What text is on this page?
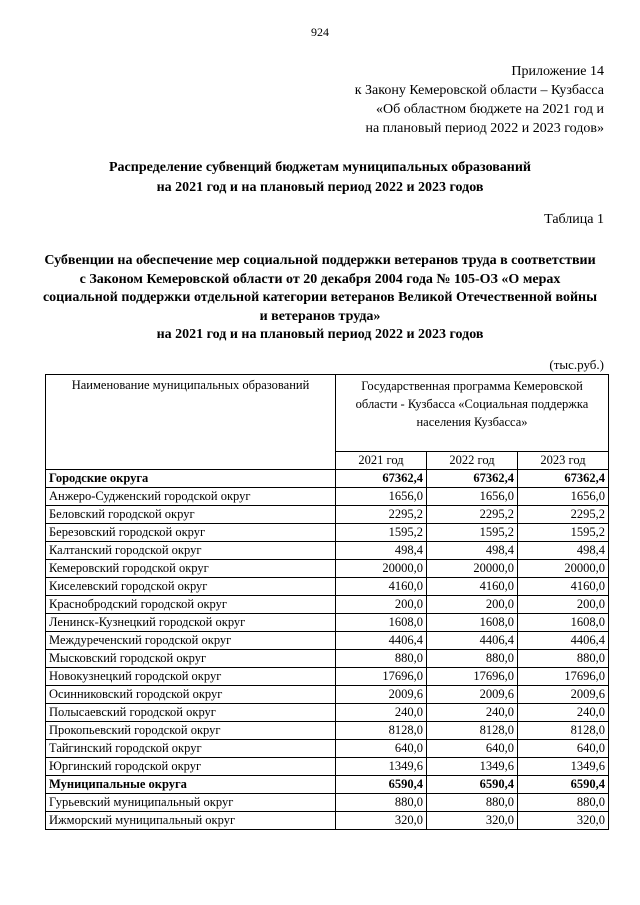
924
Приложение 14
к Закону Кемеровской области – Кузбасса
«Об областном бюджете на 2021 год и
на плановый период 2022 и 2023 годов»
Распределение субвенций бюджетам муниципальных образований
на 2021 год и на плановый период 2022 и 2023 годов
Таблица 1
Субвенции на обеспечение мер социальной поддержки ветеранов труда в соответствии
с Законом Кемеровской области от 20 декабря 2004 года № 105-ОЗ «О мерах
социальной поддержки отдельной категории ветеранов Великой Отечественной войны
и ветеранов труда»
на 2021 год и на плановый период 2022 и 2023 годов
(тыс.руб.)
Наименование муниципальных образований	Государственная программа Кемеровской области - Кузбасса «Социальная поддержка населения Кузбасса»		
	2021 год	2022 год	2023 год
Городские округа	67362,4	67362,4	67362,4
Анжеро-Судженский городской округ	1656,0	1656,0	1656,0
Беловский городской округ	2295,2	2295,2	2295,2
Березовский городской округ	1595,2	1595,2	1595,2
Калтанский городской округ	498,4	498,4	498,4
Кемеровский городской округ	20000,0	20000,0	20000,0
Киселевский городской округ	4160,0	4160,0	4160,0
Краснобродский городской округ	200,0	200,0	200,0
Ленинск-Кузнецкий городской округ	1608,0	1608,0	1608,0
Междуреченский городской округ	4406,4	4406,4	4406,4
Мысковский городской округ	880,0	880,0	880,0
Новокузнецкий городской округ	17696,0	17696,0	17696,0
Осинниковский городской округ	2009,6	2009,6	2009,6
Полысаевский городской округ	240,0	240,0	240,0
Прокопьевский городской округ	8128,0	8128,0	8128,0
Тайгинский городской округ	640,0	640,0	640,0
Юргинский городской округ	1349,6	1349,6	1349,6
Муниципальные округа	6590,4	6590,4	6590,4
Гурьевский муниципальный округ	880,0	880,0	880,0
Ижморский муниципальный округ	320,0	320,0	320,0
